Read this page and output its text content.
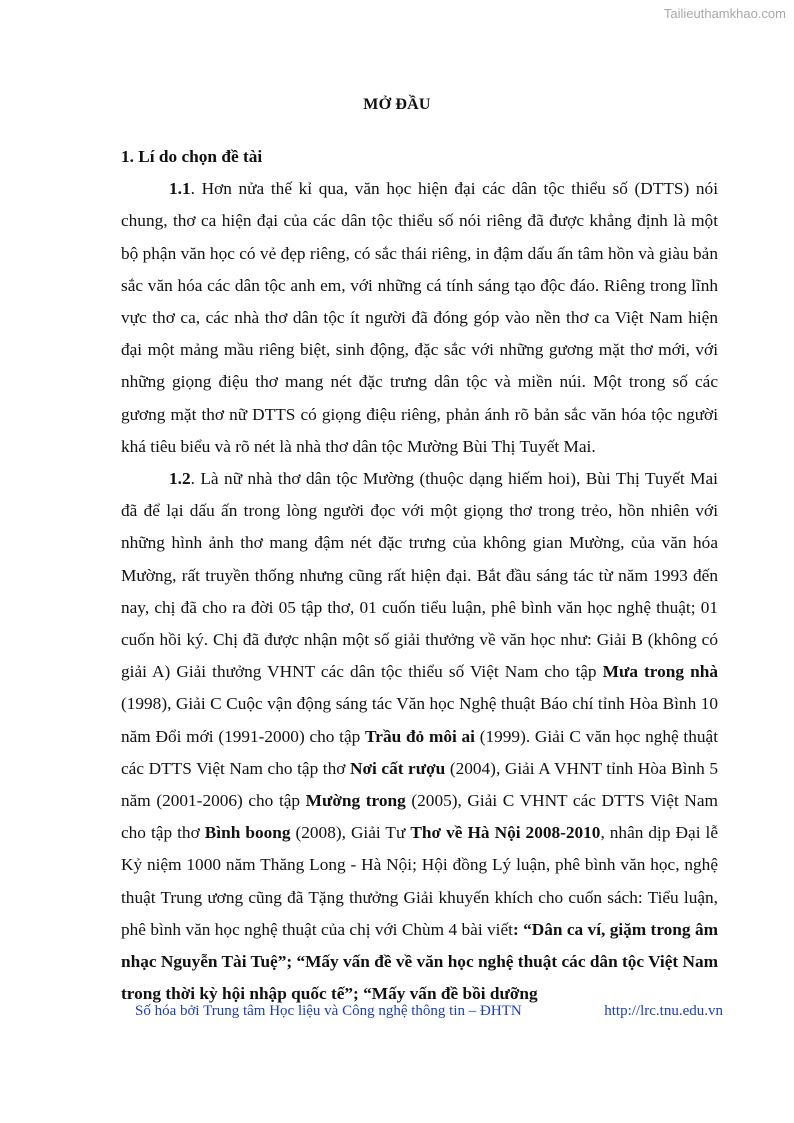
Tailieuthamkhao.com
MỞ ĐẦU

1. Lí do chọn đề tài

1.1. Hơn nửa thế kỉ qua, văn học hiện đại các dân tộc thiểu số (DTTS) nói chung, thơ ca hiện đại của các dân tộc thiểu số nói riêng đã được khẳng định là một bộ phận văn học có vẻ đẹp riêng, có sắc thái riêng, in đậm dấu ấn tâm hồn và giàu bản sắc văn hóa các dân tộc anh em, với những cá tính sáng tạo độc đáo. Riêng trong lĩnh vực thơ ca, các nhà thơ dân tộc ít người đã đóng góp vào nền thơ ca Việt Nam hiện đại một mảng mầu riêng biệt, sinh động, đặc sắc với những gương mặt thơ mới, với những giọng điệu thơ mang nét đặc trưng dân tộc và miền núi. Một trong số các gương mặt thơ nữ DTTS có giọng điệu riêng, phản ánh rõ bản sắc văn hóa tộc người khá tiêu biểu và rõ nét là nhà thơ dân tộc Mường Bùi Thị Tuyết Mai.

1.2. Là nữ nhà thơ dân tộc Mường (thuộc dạng hiếm hoi), Bùi Thị Tuyết Mai đã để lại dấu ấn trong lòng người đọc với một giọng thơ trong trẻo, hồn nhiên với những hình ảnh thơ mang đậm nét đặc trưng của không gian Mường, của văn hóa Mường, rất truyền thống nhưng cũng rất hiện đại. Bắt đầu sáng tác từ năm 1993 đến nay, chị đã cho ra đời 05 tập thơ, 01 cuốn tiểu luận, phê bình văn học nghệ thuật; 01 cuốn hồi ký. Chị đã được nhận một số giải thưởng về văn học như: Giải B (không có giải A) Giải thưởng VHNT các dân tộc thiểu số Việt Nam cho tập Mưa trong nhà (1998), Giải C Cuộc vận động sáng tác Văn học Nghệ thuật Báo chí tỉnh Hòa Bình 10 năm Đổi mới (1991-2000) cho tập Trầu đỏ môi ai (1999). Giải C văn học nghệ thuật các DTTS Việt Nam cho tập thơ Nơi cất rượu (2004), Giải A VHNT tỉnh Hòa Bình 5 năm (2001-2006) cho tập Mường trong (2005), Giải C VHNT các DTTS Việt Nam cho tập thơ Bình boong (2008), Giải Tư Thơ về Hà Nội 2008-2010, nhân dịp Đại lễ Kỷ niệm 1000 năm Thăng Long - Hà Nội; Hội đồng Lý luận, phê bình văn học, nghệ thuật Trung ương cũng đã Tặng thưởng Giải khuyến khích cho cuốn sách: Tiểu luận, phê bình văn học nghệ thuật của chị với Chùm 4 bài viết: “Dân ca ví, giặm trong âm nhạc Nguyễn Tài Tuệ”; “Mấy vấn đề về văn học nghệ thuật các dân tộc Việt Nam trong thời kỳ hội nhập quốc tế”; “Mấy vấn đề bồi dưỡng

Số hóa bởi Trung tâm Học liệu và Công nghệ thông tin – ĐHTN	http://lrc.tnu.edu.vn
